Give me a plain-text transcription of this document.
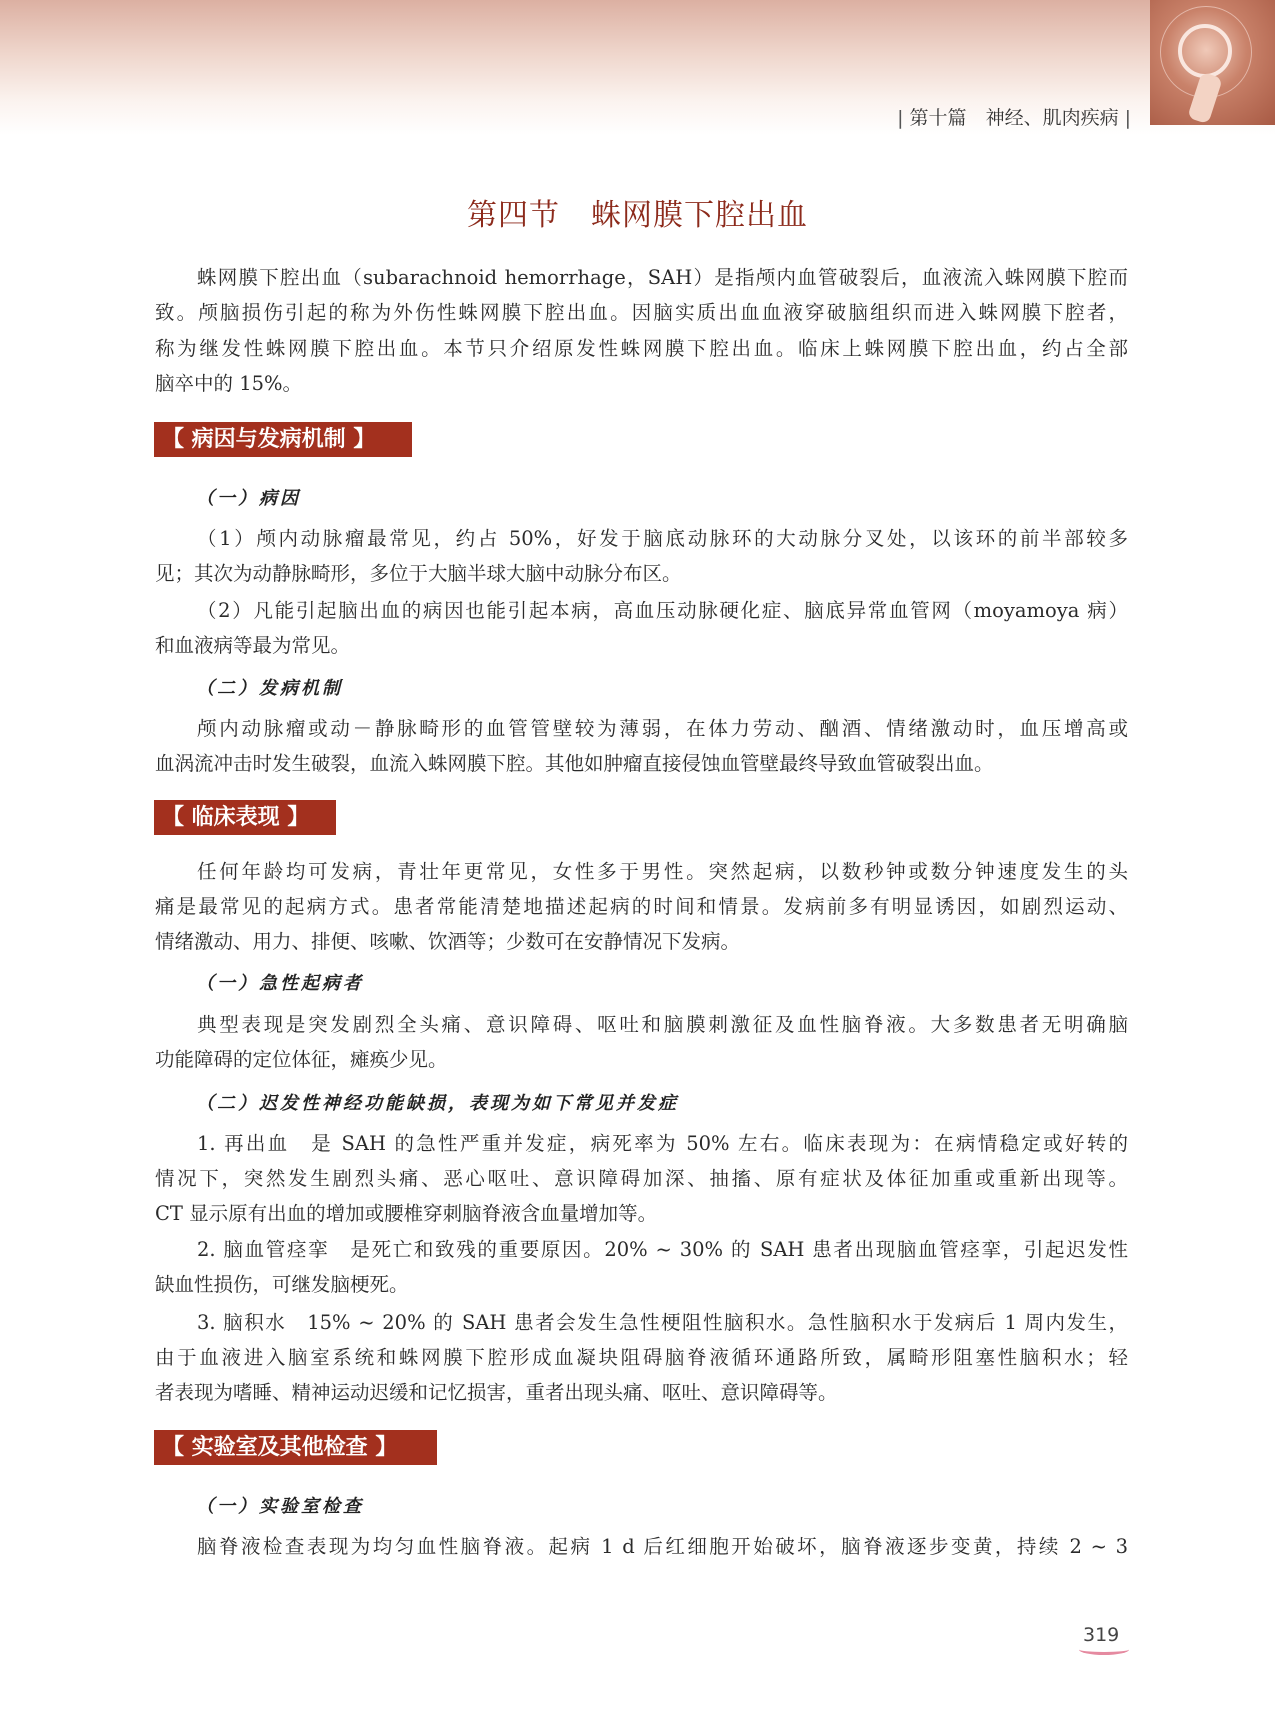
| 第十篇　 神经、肌肉疾病 |
第四节　蛛网膜下腔出血
蛛网膜下腔出血（subarachnoid hemorrhage，SAH）是指颅内血管破裂后，血液流入蛛网膜下腔而
致。颅脑损伤引起的称为外伤性蛛网膜下腔出血。因脑实质出血血液穿破脑组织而进入蛛网膜下腔者，
称为继发性蛛网膜下腔出血。本节只介绍原发性蛛网膜下腔出血。临床上蛛网膜下腔出血，约占全部
脑卒中的 15%。
【 病因与发病机制 】
（一）病因
（1）颅内动脉瘤最常见，约占 50%，好发于脑底动脉环的大动脉分叉处，以该环的前半部较多
见；其次为动静脉畸形，多位于大脑半球大脑中动脉分布区。
（2）凡能引起脑出血的病因也能引起本病，高血压动脉硬化症、脑底异常血管网（moyamoya 病）
和血液病等最为常见。
（二）发病机制
颅内动脉瘤或动－静脉畸形的血管管壁较为薄弱，在体力劳动、酗酒、情绪激动时，血压增高或
血涡流冲击时发生破裂，血流入蛛网膜下腔。其他如肿瘤直接侵蚀血管壁最终导致血管破裂出血。
【 临床表现 】
任何年龄均可发病，青壮年更常见，女性多于男性。突然起病，以数秒钟或数分钟速度发生的头
痛是最常见的起病方式。患者常能清楚地描述起病的时间和情景。发病前多有明显诱因，如剧烈运动、
情绪激动、用力、排便、咳嗽、饮酒等；少数可在安静情况下发病。
（一）急性起病者
典型表现是突发剧烈全头痛、意识障碍、呕吐和脑膜刺激征及血性脑脊液。大多数患者无明确脑
功能障碍的定位体征，瘫痪少见。
（二）迟发性神经功能缺损，表现为如下常见并发症
1. 再出血　是 SAH 的急性严重并发症，病死率为 50% 左右。临床表现为：在病情稳定或好转的
情况下，突然发生剧烈头痛、恶心呕吐、意识障碍加深、抽搐、原有症状及体征加重或重新出现等。
CT 显示原有出血的增加或腰椎穿刺脑脊液含血量增加等。
2. 脑血管痉挛　是死亡和致残的重要原因。20% ~ 30% 的 SAH 患者出现脑血管痉挛，引起迟发性
缺血性损伤，可继发脑梗死。
3. 脑积水　15% ~ 20% 的 SAH 患者会发生急性梗阻性脑积水。急性脑积水于发病后 1 周内发生，
由于血液进入脑室系统和蛛网膜下腔形成血凝块阻碍脑脊液循环通路所致，属畸形阻塞性脑积水；轻
者表现为嗜睡、精神运动迟缓和记忆损害，重者出现头痛、呕吐、意识障碍等。
【 实验室及其他检查 】
（一）实验室检查
脑脊液检查表现为均匀血性脑脊液。起病 1 d 后红细胞开始破坏，脑脊液逐步变黄，持续 2 ~ 3
319
